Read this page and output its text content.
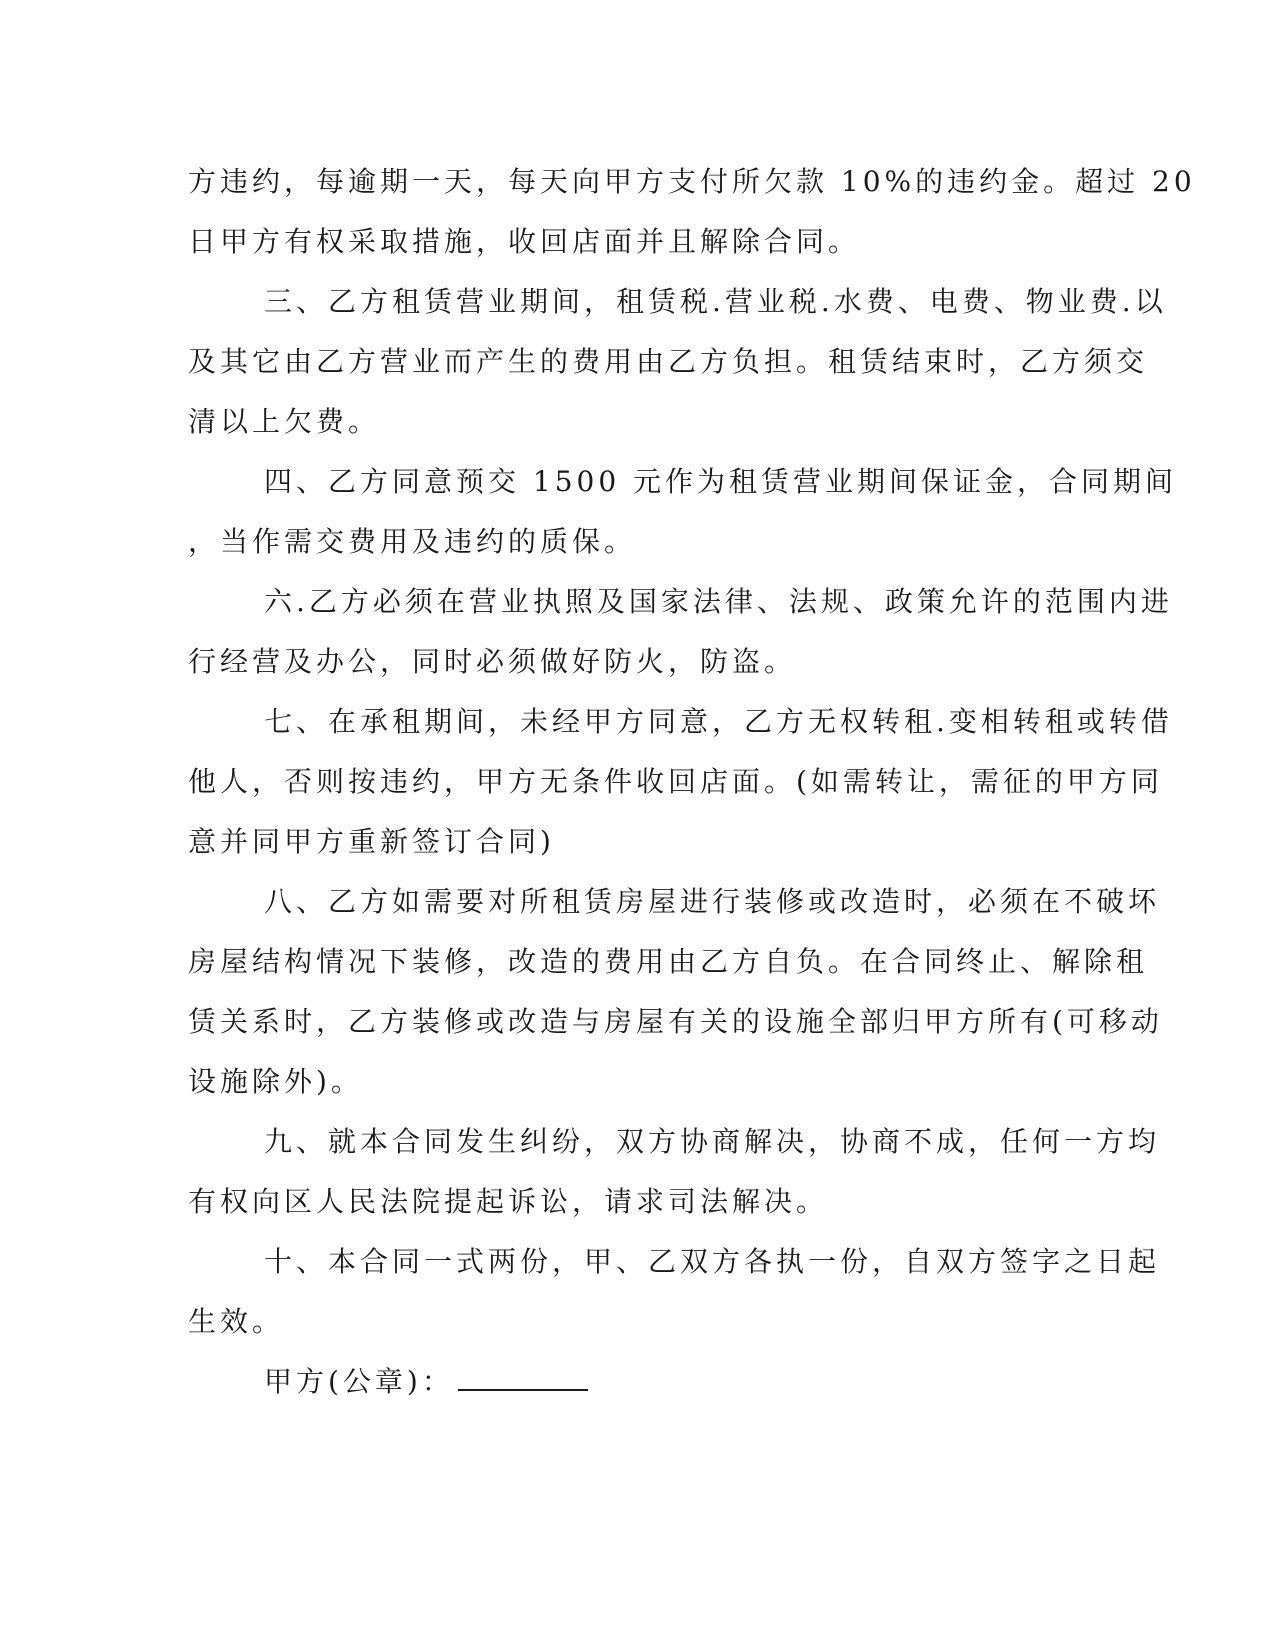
方违约，每逾期一天，每天向甲方支付所欠款 10%的违约金。超过 20
日甲方有权采取措施，收回店面并且解除合同。
三、乙方租赁营业期间，租赁税.营业税.水费、电费、物业费.以
及其它由乙方营业而产生的费用由乙方负担。租赁结束时，乙方须交
清以上欠费。
四、乙方同意预交 1500 元作为租赁营业期间保证金，合同期间
，当作需交费用及违约的质保。
六.乙方必须在营业执照及国家法律、法规、政策允许的范围内进
行经营及办公，同时必须做好防火，防盗。
七、在承租期间，未经甲方同意，乙方无权转租.变相转租或转借
他人，否则按违约，甲方无条件收回店面。(如需转让，需征的甲方同
意并同甲方重新签订合同)
八、乙方如需要对所租赁房屋进行装修或改造时，必须在不破坏
房屋结构情况下装修，改造的费用由乙方自负。在合同终止、解除租
赁关系时，乙方装修或改造与房屋有关的设施全部归甲方所有(可移动
设施除外)。
九、就本合同发生纠纷，双方协商解决，协商不成，任何一方均
有权向区人民法院提起诉讼，请求司法解决。
十、本合同一式两份，甲、乙双方各执一份，自双方签字之日起
生效。
甲方(公章)：
